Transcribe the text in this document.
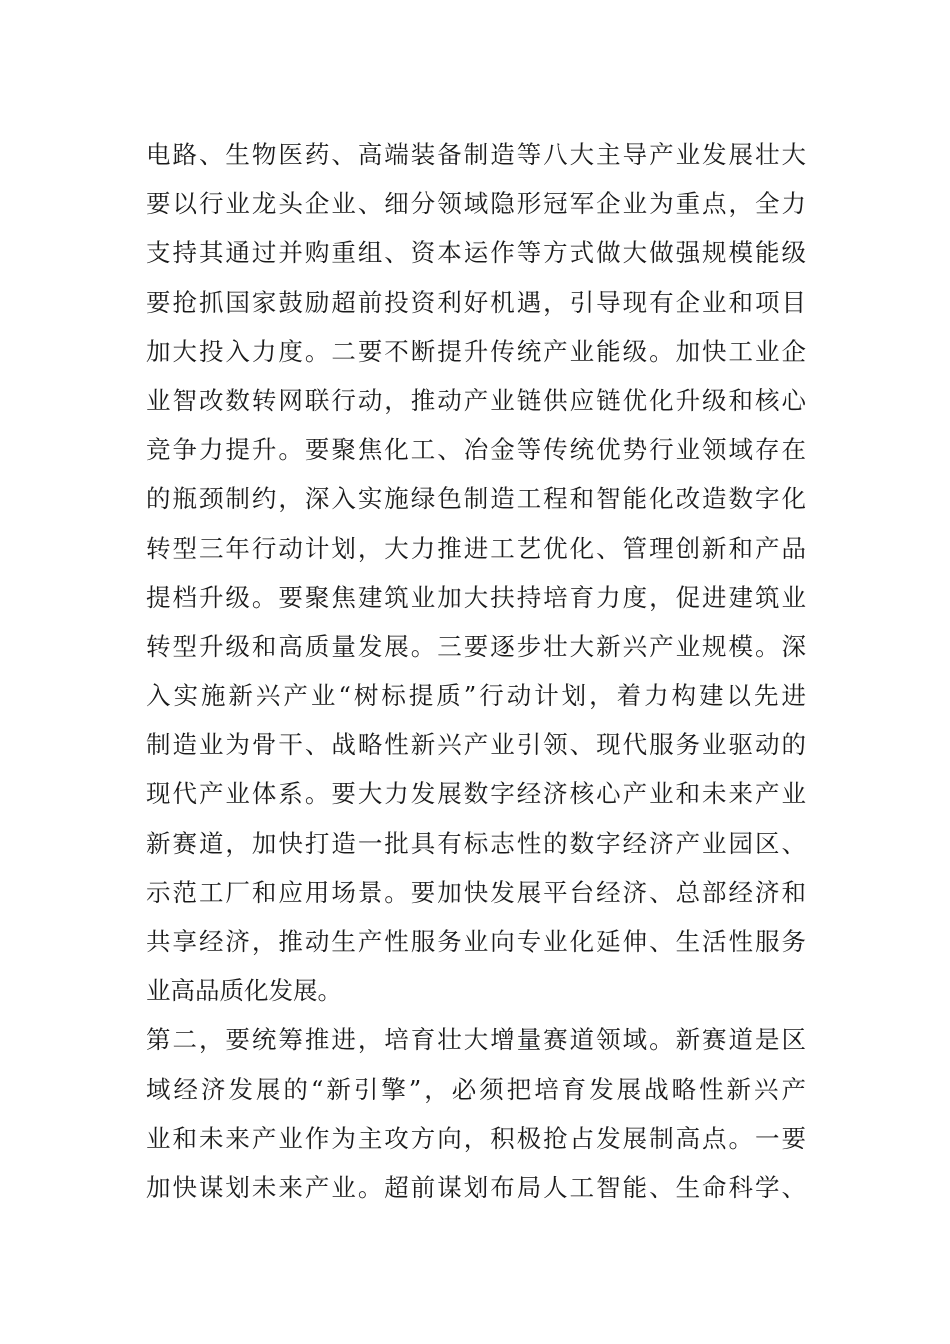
电路、生物医药、高端装备制造等八大主导产业发展壮大
要以行业龙头企业、细分领域隐形冠军企业为重点，全力
支持其通过并购重组、资本运作等方式做大做强规模能级
要抢抓国家鼓励超前投资利好机遇，引导现有企业和项目
加大投入力度。二要不断提升传统产业能级。加快工业企
业智改数转网联行动，推动产业链供应链优化升级和核心
竞争力提升。要聚焦化工、冶金等传统优势行业领域存在
的瓶颈制约，深入实施绿色制造工程和智能化改造数字化
转型三年行动计划，大力推进工艺优化、管理创新和产品
提档升级。要聚焦建筑业加大扶持培育力度，促进建筑业
转型升级和高质量发展。三要逐步壮大新兴产业规模。深
入实施新兴产业“树标提质”行动计划，着力构建以先进
制造业为骨干、战略性新兴产业引领、现代服务业驱动的
现代产业体系。要大力发展数字经济核心产业和未来产业
新赛道，加快打造一批具有标志性的数字经济产业园区、
示范工厂和应用场景。要加快发展平台经济、总部经济和
共享经济，推动生产性服务业向专业化延伸、生活性服务
业高品质化发展。
第二，要统筹推进，培育壮大增量赛道领域。新赛道是区
域经济发展的“新引擎”，必须把培育发展战略性新兴产
业和未来产业作为主攻方向，积极抢占发展制高点。一要
加快谋划未来产业。超前谋划布局人工智能、生命科学、
